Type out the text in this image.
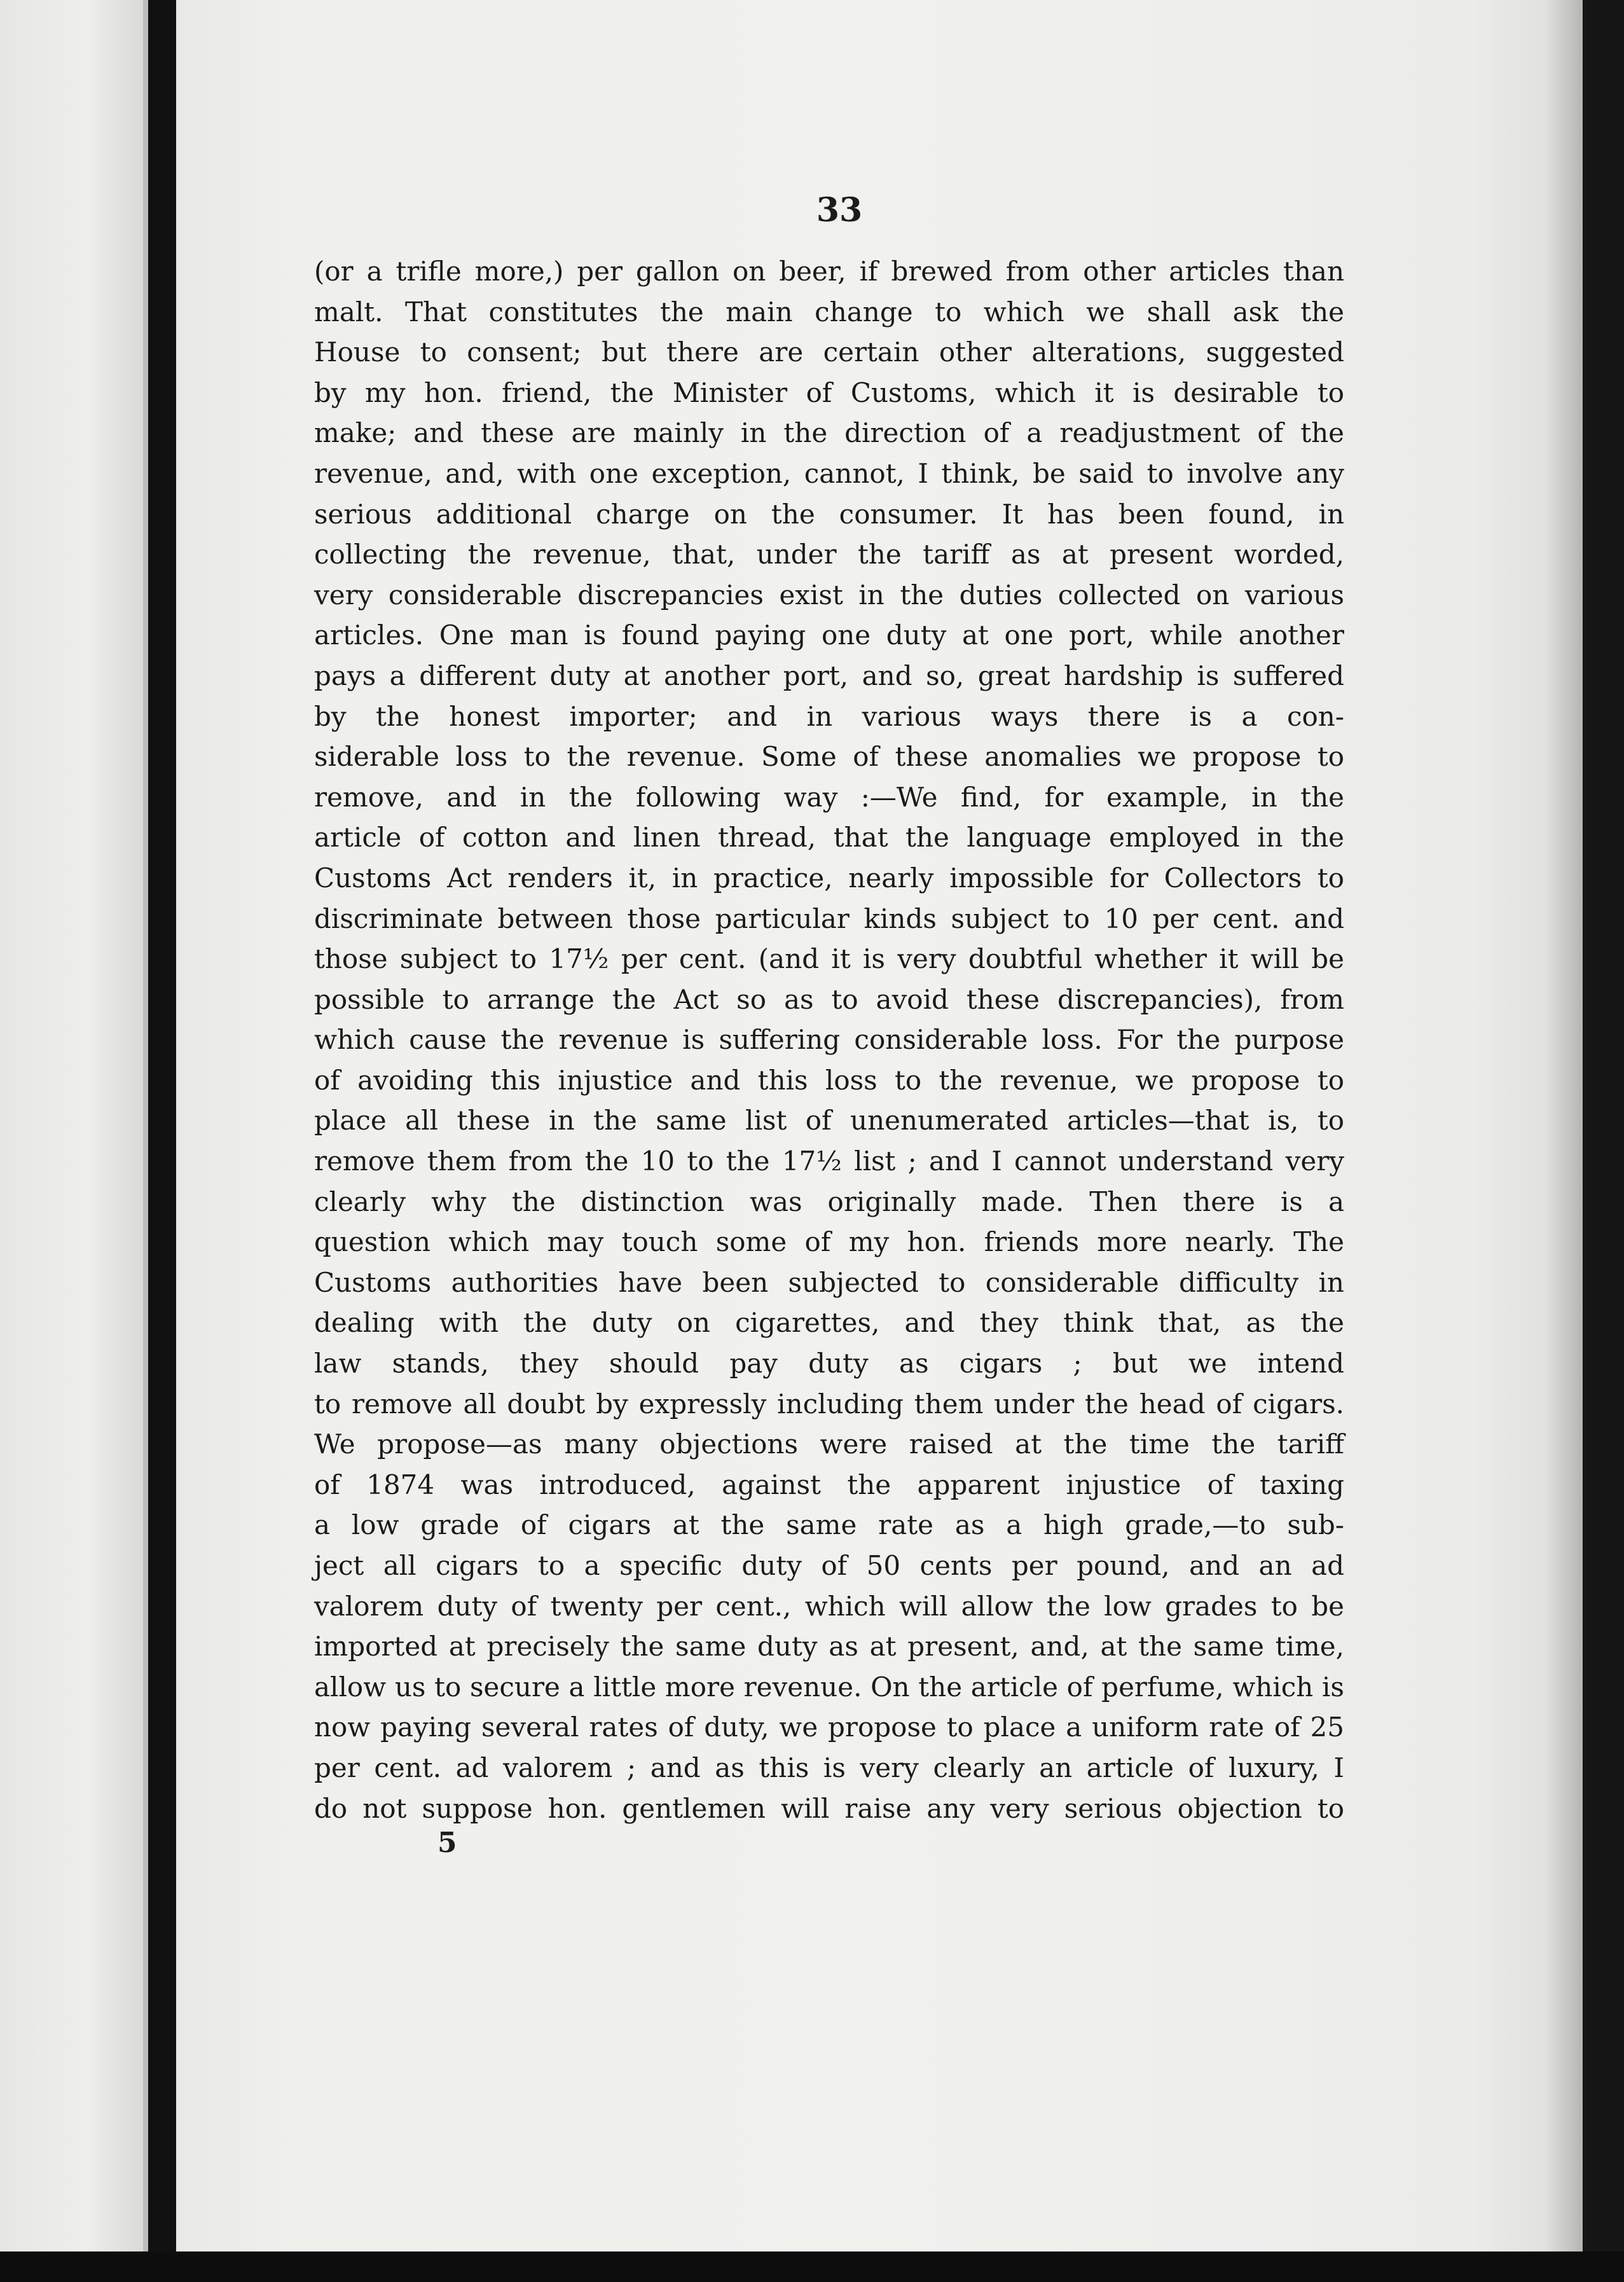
33

(or a trifle more,) per gallon on beer, if brewed from other articles than
malt. That constitutes the main change to which we shall ask the
House to consent; but there are certain other alterations, suggested
by my hon. friend, the Minister of Customs, which it is desirable to
make; and these are mainly in the direction of a readjustment of the
revenue, and, with one exception, cannot, I think, be said to involve any
serious additional charge on the consumer. It has been found, in
collecting the revenue, that, under the tariff as at present worded,
very considerable discrepancies exist in the duties collected on various
articles. One man is found paying one duty at one port, while another
pays a different duty at another port, and so, great hardship is suffered
by the honest importer; and in various ways there is a con-
siderable loss to the revenue. Some of these anomalies we propose to
remove, and in the following way :—We find, for example, in the
article of cotton and linen thread, that the language employed in the
Customs Act renders it, in practice, nearly impossible for Collectors to
discriminate between those particular kinds subject to 10 per cent. and
those subject to 17½ per cent. (and it is very doubtful whether it will be
possible to arrange the Act so as to avoid these discrepancies), from
which cause the revenue is suffering considerable loss. For the purpose
of avoiding this injustice and this loss to the revenue, we propose to
place all these in the same list of unenumerated articles—that is, to
remove them from the 10 to the 17½ list ; and I cannot understand very
clearly why the distinction was originally made. Then there is a
question which may touch some of my hon. friends more nearly. The
Customs authorities have been subjected to considerable difficulty in
dealing with the duty on cigarettes, and they think that, as the
law stands, they should pay duty as cigars ; but we intend
to remove all doubt by expressly including them under the head of cigars.
We propose—as many objections were raised at the time the tariff
of 1874 was introduced, against the apparent injustice of taxing
a low grade of cigars at the same rate as a high grade,—to sub-
ject all cigars to a specific duty of 50 cents per pound, and an ad
valorem duty of twenty per cent., which will allow the low grades to be
imported at precisely the same duty as at present, and, at the same time,
allow us to secure a little more revenue. On the article of perfume, which is
now paying several rates of duty, we propose to place a uniform rate of 25
per cent. ad valorem ; and as this is very clearly an article of luxury, I
do not suppose hon. gentlemen will raise any very serious objection to

5
